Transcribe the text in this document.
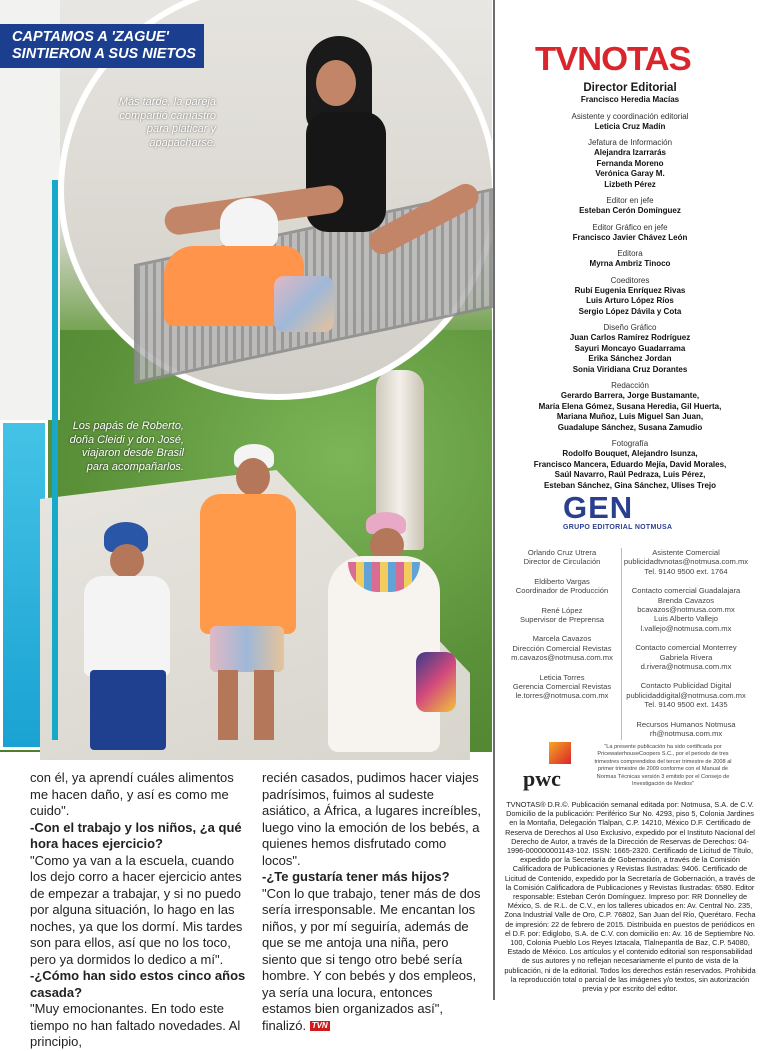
CAPTAMOS A 'ZAGUE' SINTIERON A SUS NIETOS
Más tarde, la pareja compartió camastro para platicar y apapacharse.
Los papás de Roberto, doña Cleidi y don José, viajaron desde Brasil para acompañarlos.

con él, ya aprendí cuáles alimentos me hacen daño, y así es como me cuido".

-Con el trabajo y los niños, ¿a qué hora haces ejercicio?

"Como ya van a la escuela, cuando los dejo corro a hacer ejercicio antes de empezar a trabajar, y si no puedo por alguna situación, lo hago en las noches, ya que los dormí. Mis tardes son para ellos, así que no los toco, pero ya dormidos lo dedico a mí".

-¿Cómo han sido estos cinco años casada?

"Muy emocionantes. En todo este tiempo no han faltado novedades. Al principio,

recién casados, pudimos hacer viajes padrísimos, fuimos al sudeste asiático, a África, a lugares increíbles, luego vino la emoción de los bebés, a quienes hemos disfrutado como locos".

-¿Te gustaría tener más hijos?

"Con lo que trabajo, tener más de dos sería irresponsable. Me encantan los niños, y por mí seguiría, además de que se me antoja una niña, pero siento que si tengo otro bebé sería hombre. Y con bebés y dos empleos, ya sería una locura, entonces estamos bien organizados así", finalizó. TVN

TVNOTAS
Director Editorial
Francisco Heredia Macías
Asistente y coordinación editorial
Leticia Cruz Madín
Jefatura de Información
Alejandra Izarrarás
Fernanda Moreno
Verónica Garay M.
Lizbeth Pérez
Editor en jefe
Esteban Cerón Domínguez
Editor Gráfico en jefe
Francisco Javier Chávez León
Editora
Myrna Ambriz Tinoco
Coeditores
Rubí Eugenia Enríquez Rivas
Luis Arturo López Ríos
Sergio López Dávila y Cota
Diseño Gráfico
Juan Carlos Ramírez Rodríguez
Sayuri Moncayo Guadarrama
Erika Sánchez Jordan
Sonia Viridiana Cruz Dorantes
Redacción
Gerardo Barrera, Jorge Bustamante,
María Elena Gómez, Susana Heredia, Gil Huerta,
Mariana Muñoz, Luis Miguel San Juan,
Guadalupe Sánchez, Susana Zamudio
Fotografía
Rodolfo Bouquet, Alejandro Isunza,
Francisco Mancera, Eduardo Mejía, David Morales,
Saúl Navarro, Raúl Pedraza, Luis Pérez,
Esteban Sánchez, Gina Sánchez, Ulises Trejo
GEN
GRUPO EDITORIAL NOTMUSA
Orlando Cruz Utrera
Director de Circulación
Eldiberto Vargas
Coordinador de Producción
René López
Supervisor de Preprensa
Marcela Cavazos
Dirección Comercial Revistas
m.cavazos@notmusa.com.mx
Leticia Torres
Gerencia Comercial Revistas
le.torres@notmusa.com.mx
Asistente Comercial
publicidadtvnotas@notmusa.com.mx
Tel. 9140 9500 ext. 1764
Contacto comercial Guadalajara
Brenda Cavazos
bcavazos@notmusa.com.mx
Luis Alberto Vallejo
l.vallejo@notmusa.com.mx
Contacto comercial Monterrey
Gabriela Rivera
d.rivera@notmusa.com.mx
Contacto Publicidad Digital
publicidaddigital@notmusa.com.mx
Tel. 9140 9500 ext. 1435
Recursos Humanos Notmusa
rh@notmusa.com.mx
pwc
"La presente publicación ha sido certificada por PricewaterhouseCoopers S.C., por el periodo de tres trimestres comprendidos del tercer trimestre de 2008 al primer trimestre de 2009 conforme con el Manual de Normas Técnicas versión 3 emitido por el Consejo de Investigación de Medios"
TVNOTAS® D.R.©. Publicación semanal editada por: Notmusa, S.A. de C.V. Domicilio de la publicación: Periférico Sur No. 4293, piso 5, Colonia Jardines en la Montaña, Delegación Tlalpan, C.P. 14210, México D.F. Certificado de Reserva de Derechos al Uso Exclusivo, expedido por el Instituto Nacional del Derecho de Autor, a través de la Dirección de Reservas de Derechos: 04-1996-000000001143-102. ISSN: 1665-2320. Certificado de Licitud de Título, expedido por la Secretaría de Gobernación, a través de la Comisión Calificadora de Publicaciones y Revistas Ilustradas: 9406. Certificado de Licitud de Contenido, expedido por la Secretaría de Gobernación, a través de la Comisión Calificadora de Publicaciones y Revistas Ilustradas: 6580. Editor responsable: Esteban Cerón Domínguez. Impreso por: RR Donnelley de México, S. de R.L. de C.V., en los talleres ubicados en: Av. Central No. 235, Zona Industrial Valle de Oro, C.P. 76802, San Juan del Río, Querétaro. Fecha de impresión: 22 de febrero de 2015. Distribuida en puestos de periódicos en el D.F. por: Ediglobo, S.A. de C.V. con domicilio en: Av. 16 de Septiembre No. 100, Colonia Pueblo Los Reyes Iztacala, Tlalnepantla de Baz, C.P. 54080, Estado de México. Los artículos y el contenido editorial son responsabilidad de sus autores y no reflejan necesariamente el punto de vista de la publicación, ni de la editorial. Todos los derechos están reservados. Prohibida la reproducción total o parcial de las imágenes y/o textos, sin autorización previa y por escrito del editor.
